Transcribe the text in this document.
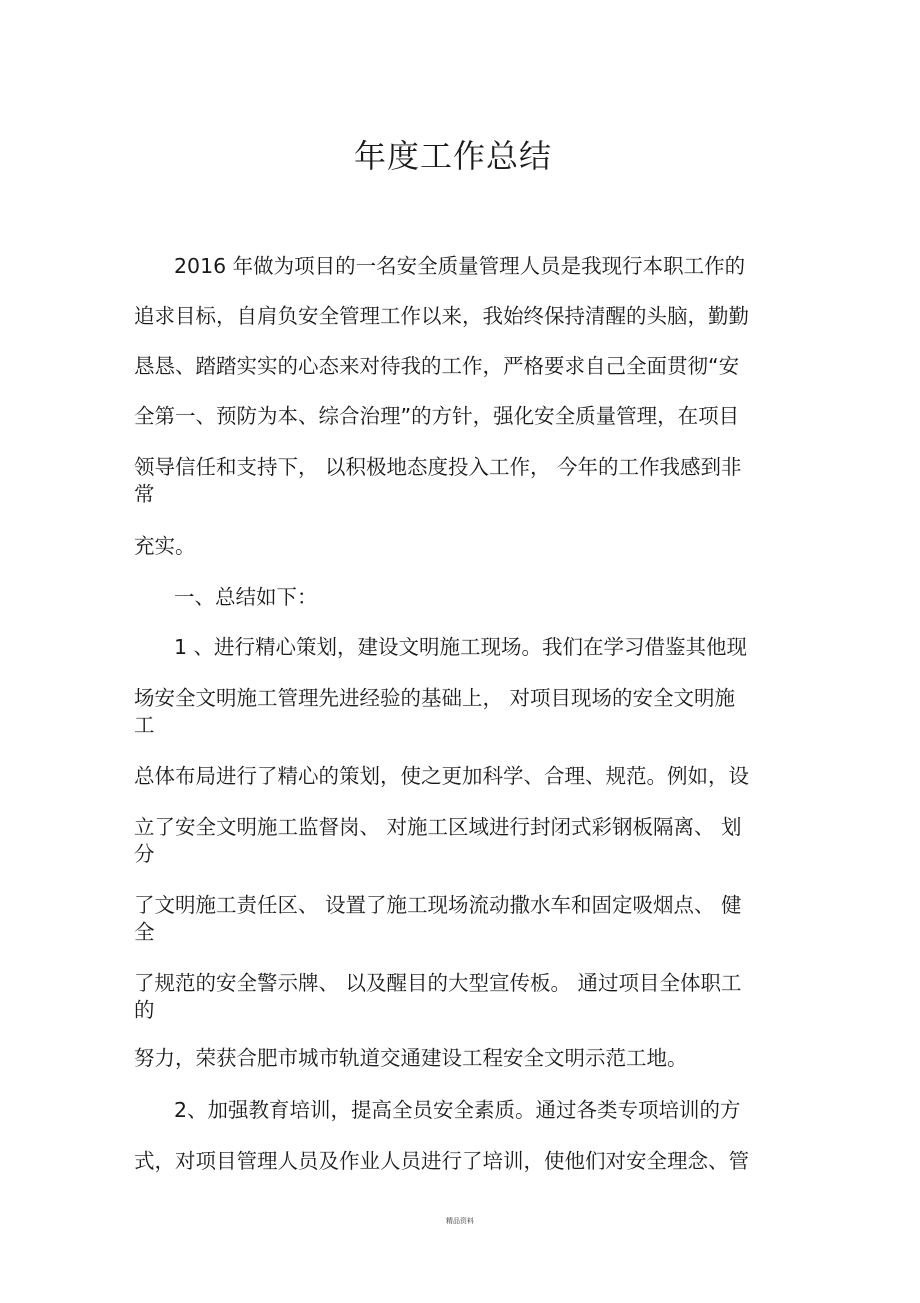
年度工作总结
2016 年做为项目的一名安全质量管理人员是我现行本职工作的
追求目标，自肩负安全管理工作以来，我始终保持清醒的头脑，勤勤
恳恳、踏踏实实的心态来对待我的工作，严格要求自己全面贯彻“安
全第一、预防为本、综合治理”的方针，强化安全质量管理，在项目
领导信任和支持下， 以积极地态度投入工作， 今年的工作我感到非
常
充实。
一、总结如下：
1 、进行精心策划，建设文明施工现场。我们在学习借鉴其他现
场安全文明施工管理先进经验的基础上， 对项目现场的安全文明施
工
总体布局进行了精心的策划，使之更加科学、合理、规范。例如，设
立了安全文明施工监督岗、 对施工区域进行封闭式彩钢板隔离、 划
分
了文明施工责任区、 设置了施工现场流动撒水车和固定吸烟点、 健
全
了规范的安全警示牌、 以及醒目的大型宣传板。 通过项目全体职工
的
努力，荣获合肥市城市轨道交通建设工程安全文明示范工地。
2、加强教育培训，提高全员安全素质。通过各类专项培训的方
式，对项目管理人员及作业人员进行了培训，使他们对安全理念、管
精品资料
